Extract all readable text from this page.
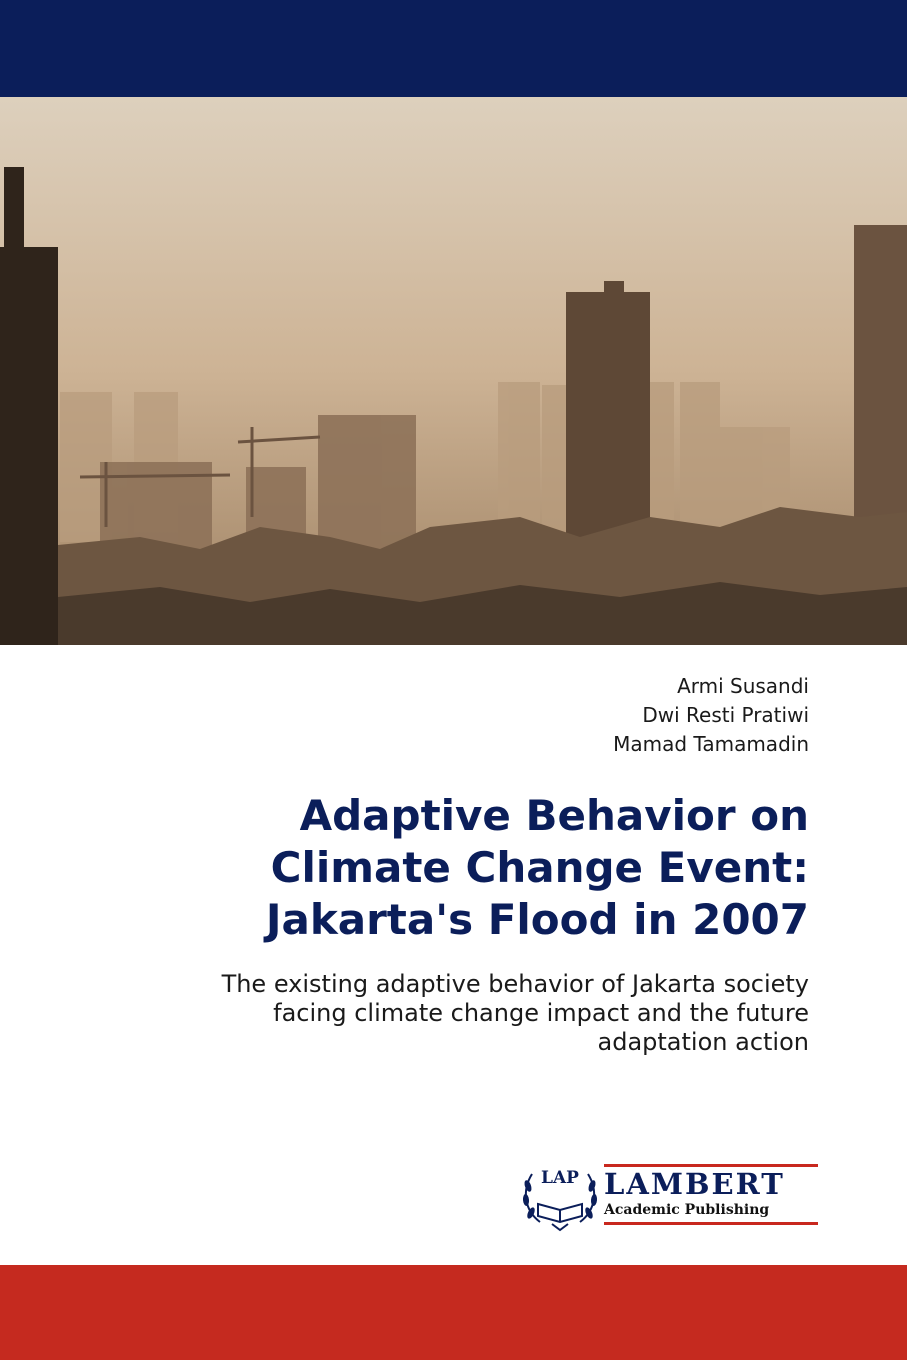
Armi Susandi
Dwi Resti Pratiwi
Mamad Tamamadin
Adaptive Behavior on
Climate Change Event:
Jakarta's Flood in 2007
The existing adaptive behavior of Jakarta society
facing climate change impact and the future
adaptation action
LAP LAMBERT
Academic Publishing
